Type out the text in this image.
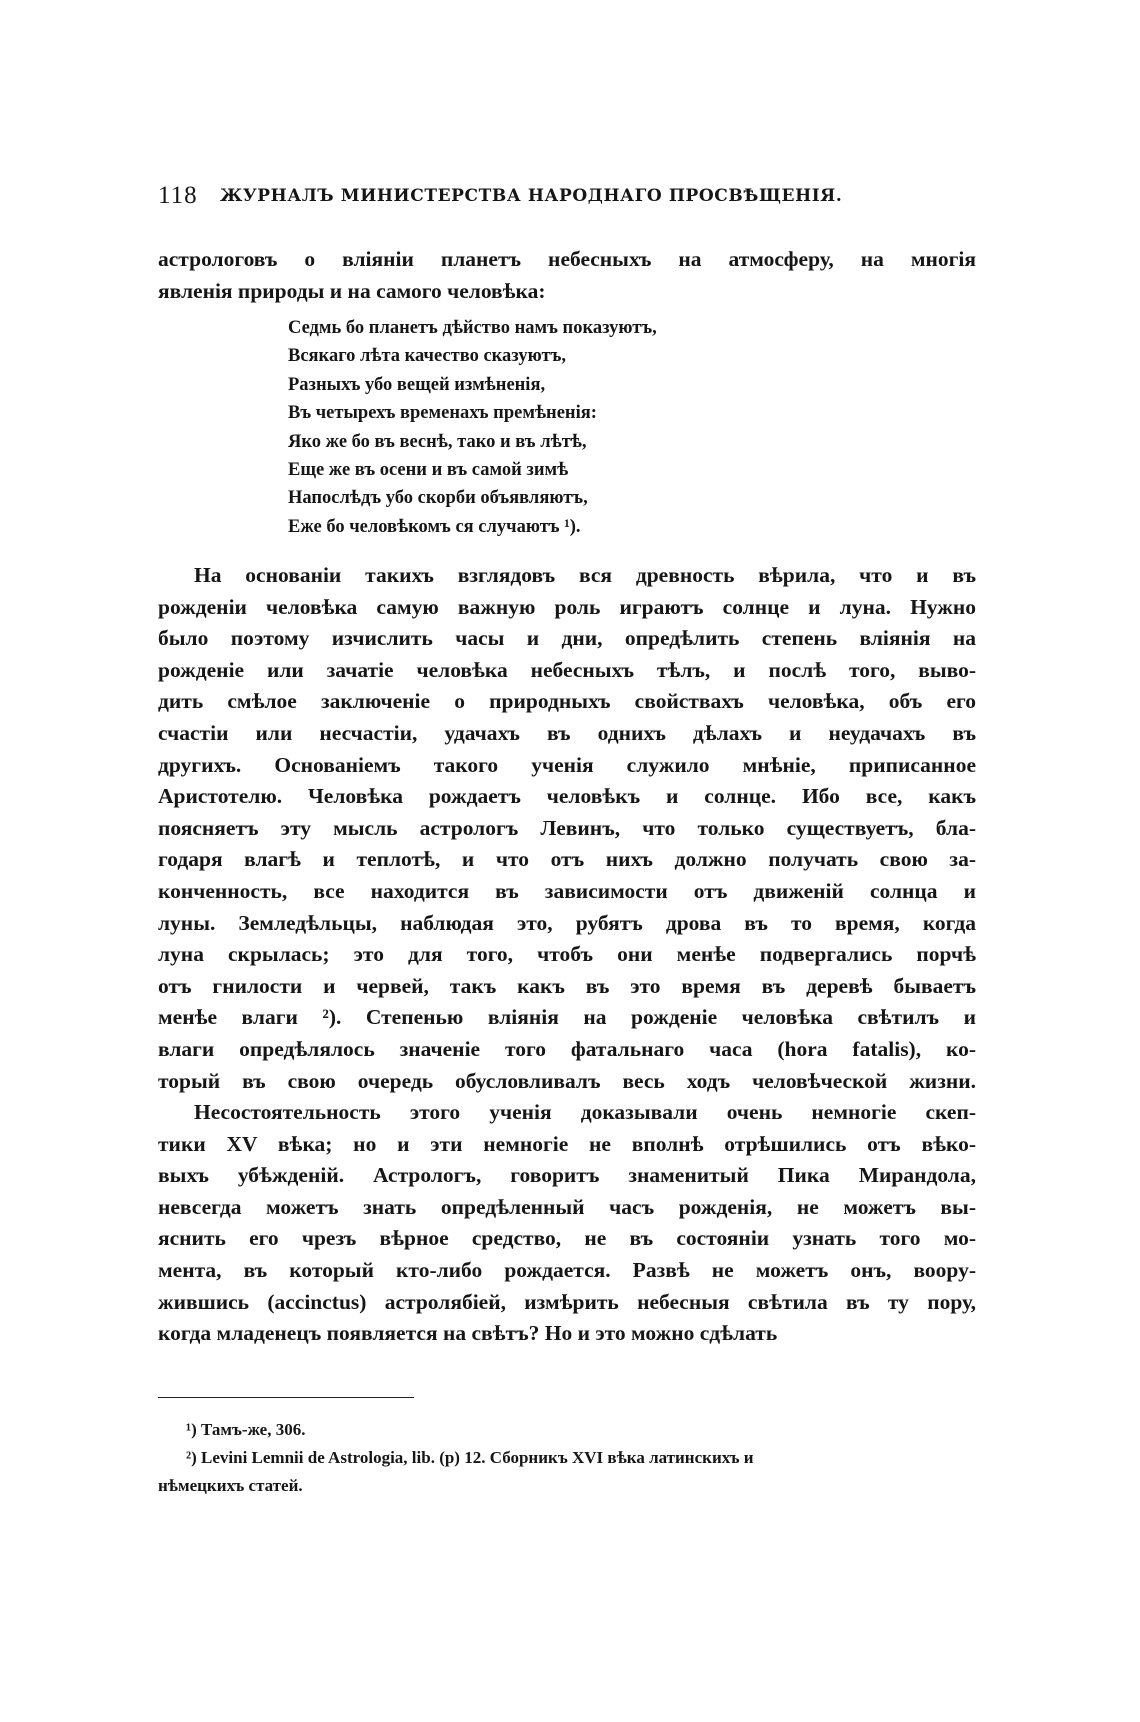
118 ЖУРНАЛЪ МИНИСТЕРСТВА НАРОДНАГО ПРОСВѢЩЕНІЯ.
астрологовъ о вліяніи планетъ небесныхъ на атмосферу, на многія
явленія природы и на самого человѣка:
Седмь бо планетъ дѣйство намъ показуютъ,
Всякаго лѣта качество сказуютъ,
Разныхъ убо вещей измѣненія,
Въ четырехъ временахъ премѣненія:
Яко же бо въ веснѣ, тако и въ лѣтѣ,
Еще же въ осени и въ самой зимѣ
Напослѣдъ убо скорби объявляютъ,
Еже бо человѣкомъ ся случаютъ ¹).
На основаніи такихъ взглядовъ вся древность вѣрила, что и въ
рожденіи человѣка самую важную роль играютъ солнце и луна. Нужно
было поэтому изчислить часы и дни, опредѣлить степень вліянія на
рожденіе или зачатіе человѣка небесныхъ тѣлъ, и послѣ того, выво-
дить смѣлое заключеніе о природныхъ свойствахъ человѣка, объ его
счастіи или несчастіи, удачахъ въ однихъ дѣлахъ и неудачахъ въ
другихъ. Основаніемъ такого ученія служило мнѣніе, приписанное
Аристотелю. Человѣка рождаетъ человѣкъ и солнце. Ибо все, какъ
поясняетъ эту мысль астрологъ Левинъ, что только существуетъ, бла-
годаря влагѣ и теплотѣ, и что отъ нихъ должно получать свою за-
конченность, все находится въ зависимости отъ движеній солнца и
луны. Земледѣльцы, наблюдая это, рубятъ дрова въ то время, когда
луна скрылась; это для того, чтобъ они менѣе подвергались порчѣ
отъ гнилости и червей, такъ какъ въ это время въ деревѣ бываетъ
менѣе влаги ²). Степенью вліянія на рожденіе человѣка свѣтилъ и
влаги опредѣлялось значеніе того фатальнаго часа (hora fatalis), ко-
торый въ свою очередь обусловливалъ весь ходъ человѣческой жизни.
Несостоятельность этого ученія доказывали очень немногіе скеп-
тики XV вѣка; но и эти немногіе не вполнѣ отрѣшились отъ вѣко-
выхъ убѣжденій. Астрологъ, говоритъ знаменитый Пика Мирандола,
невсегда можетъ знать опредѣленный часъ рожденія, не можетъ вы-
яснить его чрезъ вѣрное средство, не въ состояніи узнать того мо-
мента, въ который кто-либо рождается. Развѣ не можетъ онъ, воору-
жившись (accinctus) астролябіей, измѣрить небесныя свѣтила въ ту пору,
когда младенецъ появляется на свѣтъ? Но и это можно сдѣлать
¹) Тамъ-же, 306.
²) Levini Lemnii de Astrologia, lib. (p) 12. Сборникъ XVI вѣка латинскихъ и
нѣмецкихъ статей.
